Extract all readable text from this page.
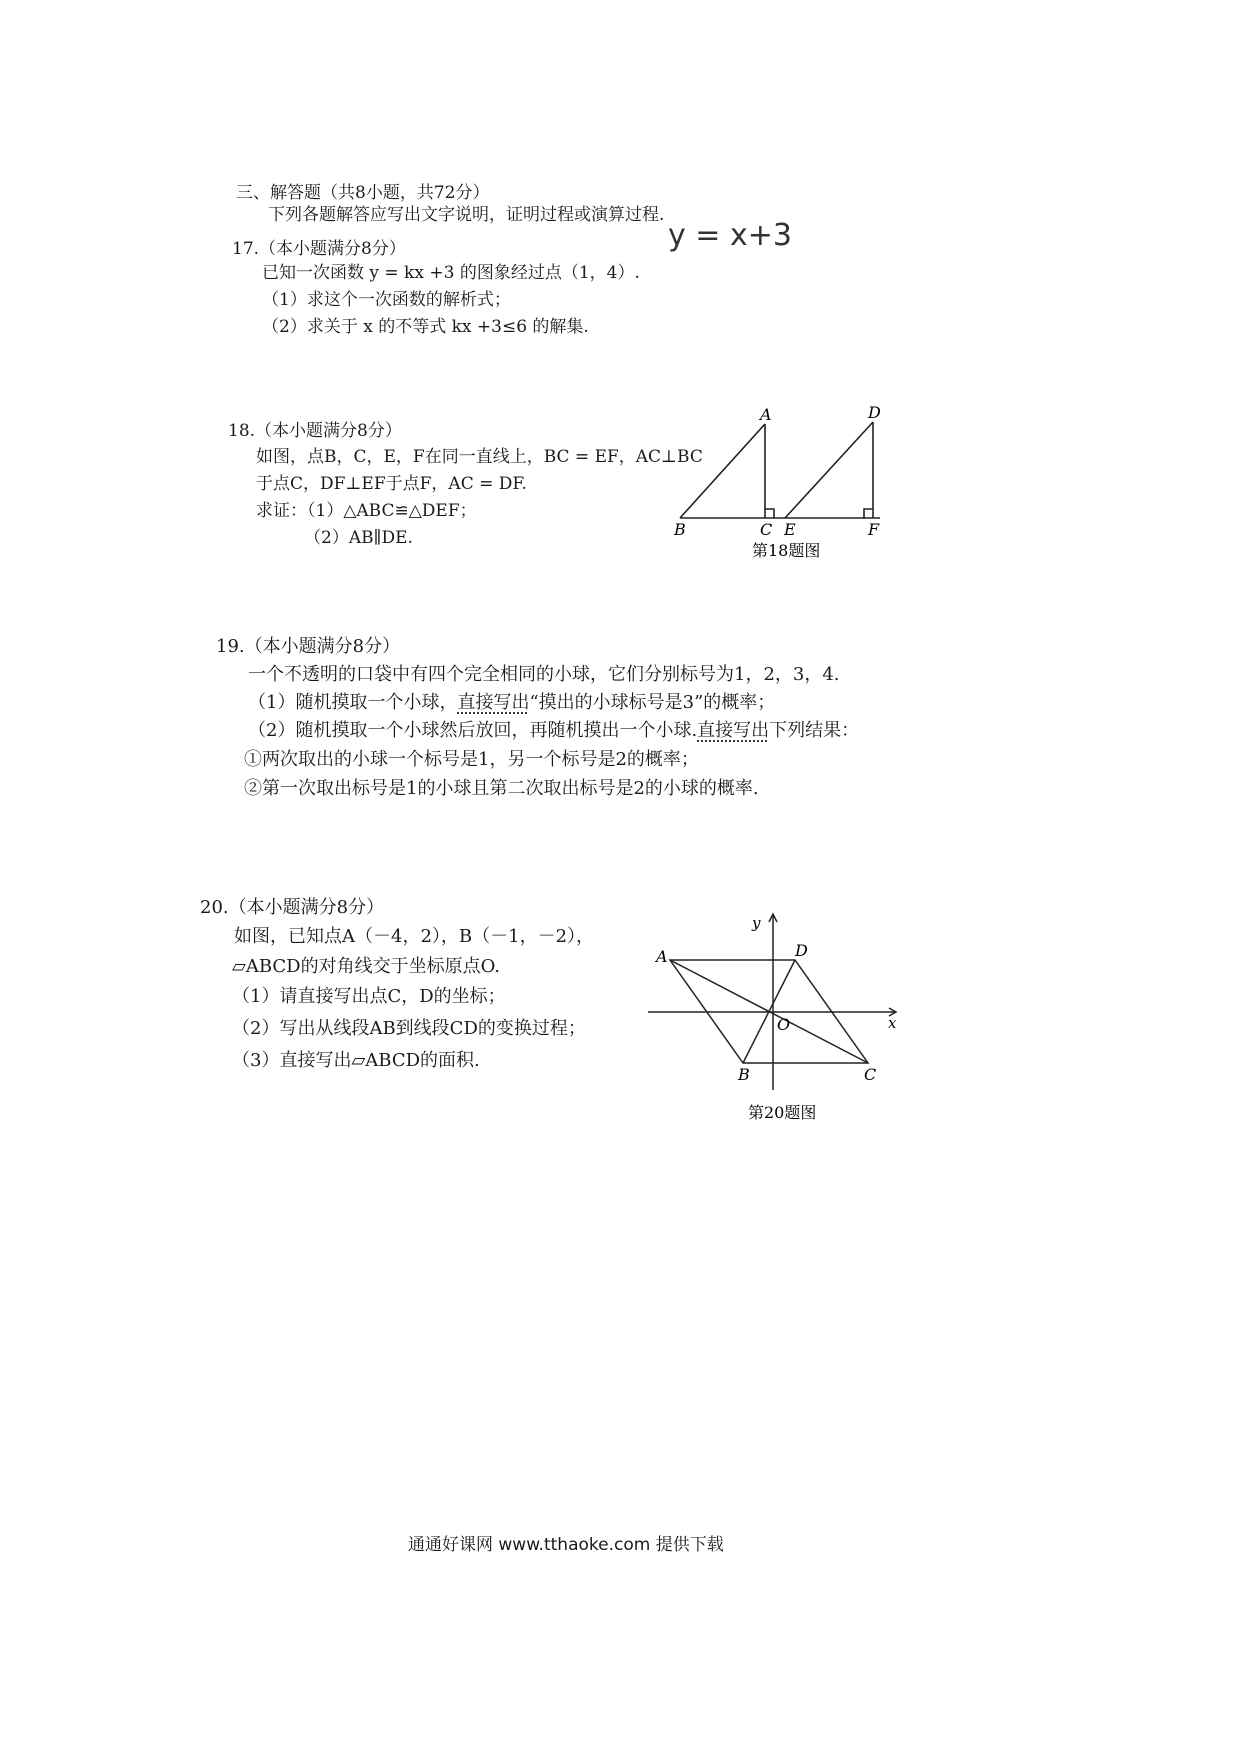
三、解答题（共8小题，共72分）
下列各题解答应写出文字说明，证明过程或演算过程.
y = x+3
17.（本小题满分8分）
已知一次函数 y = kx +3 的图象经过点（1，4）.
（1）求这个一次函数的解析式；
（2）求关于 x 的不等式 kx +3≤6 的解集.
18.（本小题满分8分）
如图，点B，C，E，F在同一直线上，BC = EF，AC⊥BC
于点C，DF⊥EF于点F，AC = DF.
求证：（1）△ABC≌△DEF；
（2）AB∥DE.
A	D
B	C E	F
第18题图
19.（本小题满分8分）
一个不透明的口袋中有四个完全相同的小球，它们分别标号为1，2，3，4.
（1）随机摸取一个小球，直接写出“摸出的小球标号是3”的概率；
（2）随机摸取一个小球然后放回，再随机摸出一个小球.直接写出下列结果：
①两次取出的小球一个标号是1，另一个标号是2的概率；
②第一次取出标号是1的小球且第二次取出标号是2的小球的概率.
20.（本小题满分8分）
如图，已知点A（－4，2），B（－1，－2），
▱ABCD的对角线交于坐标原点O.
（1）请直接写出点C，D的坐标；
（2）写出从线段AB到线段CD的变换过程；
（3）直接写出▱ABCD的面积.
A	D
O	x
y
B	C
第20题图
通通好课网 www.tthaoke.com 提供下载
